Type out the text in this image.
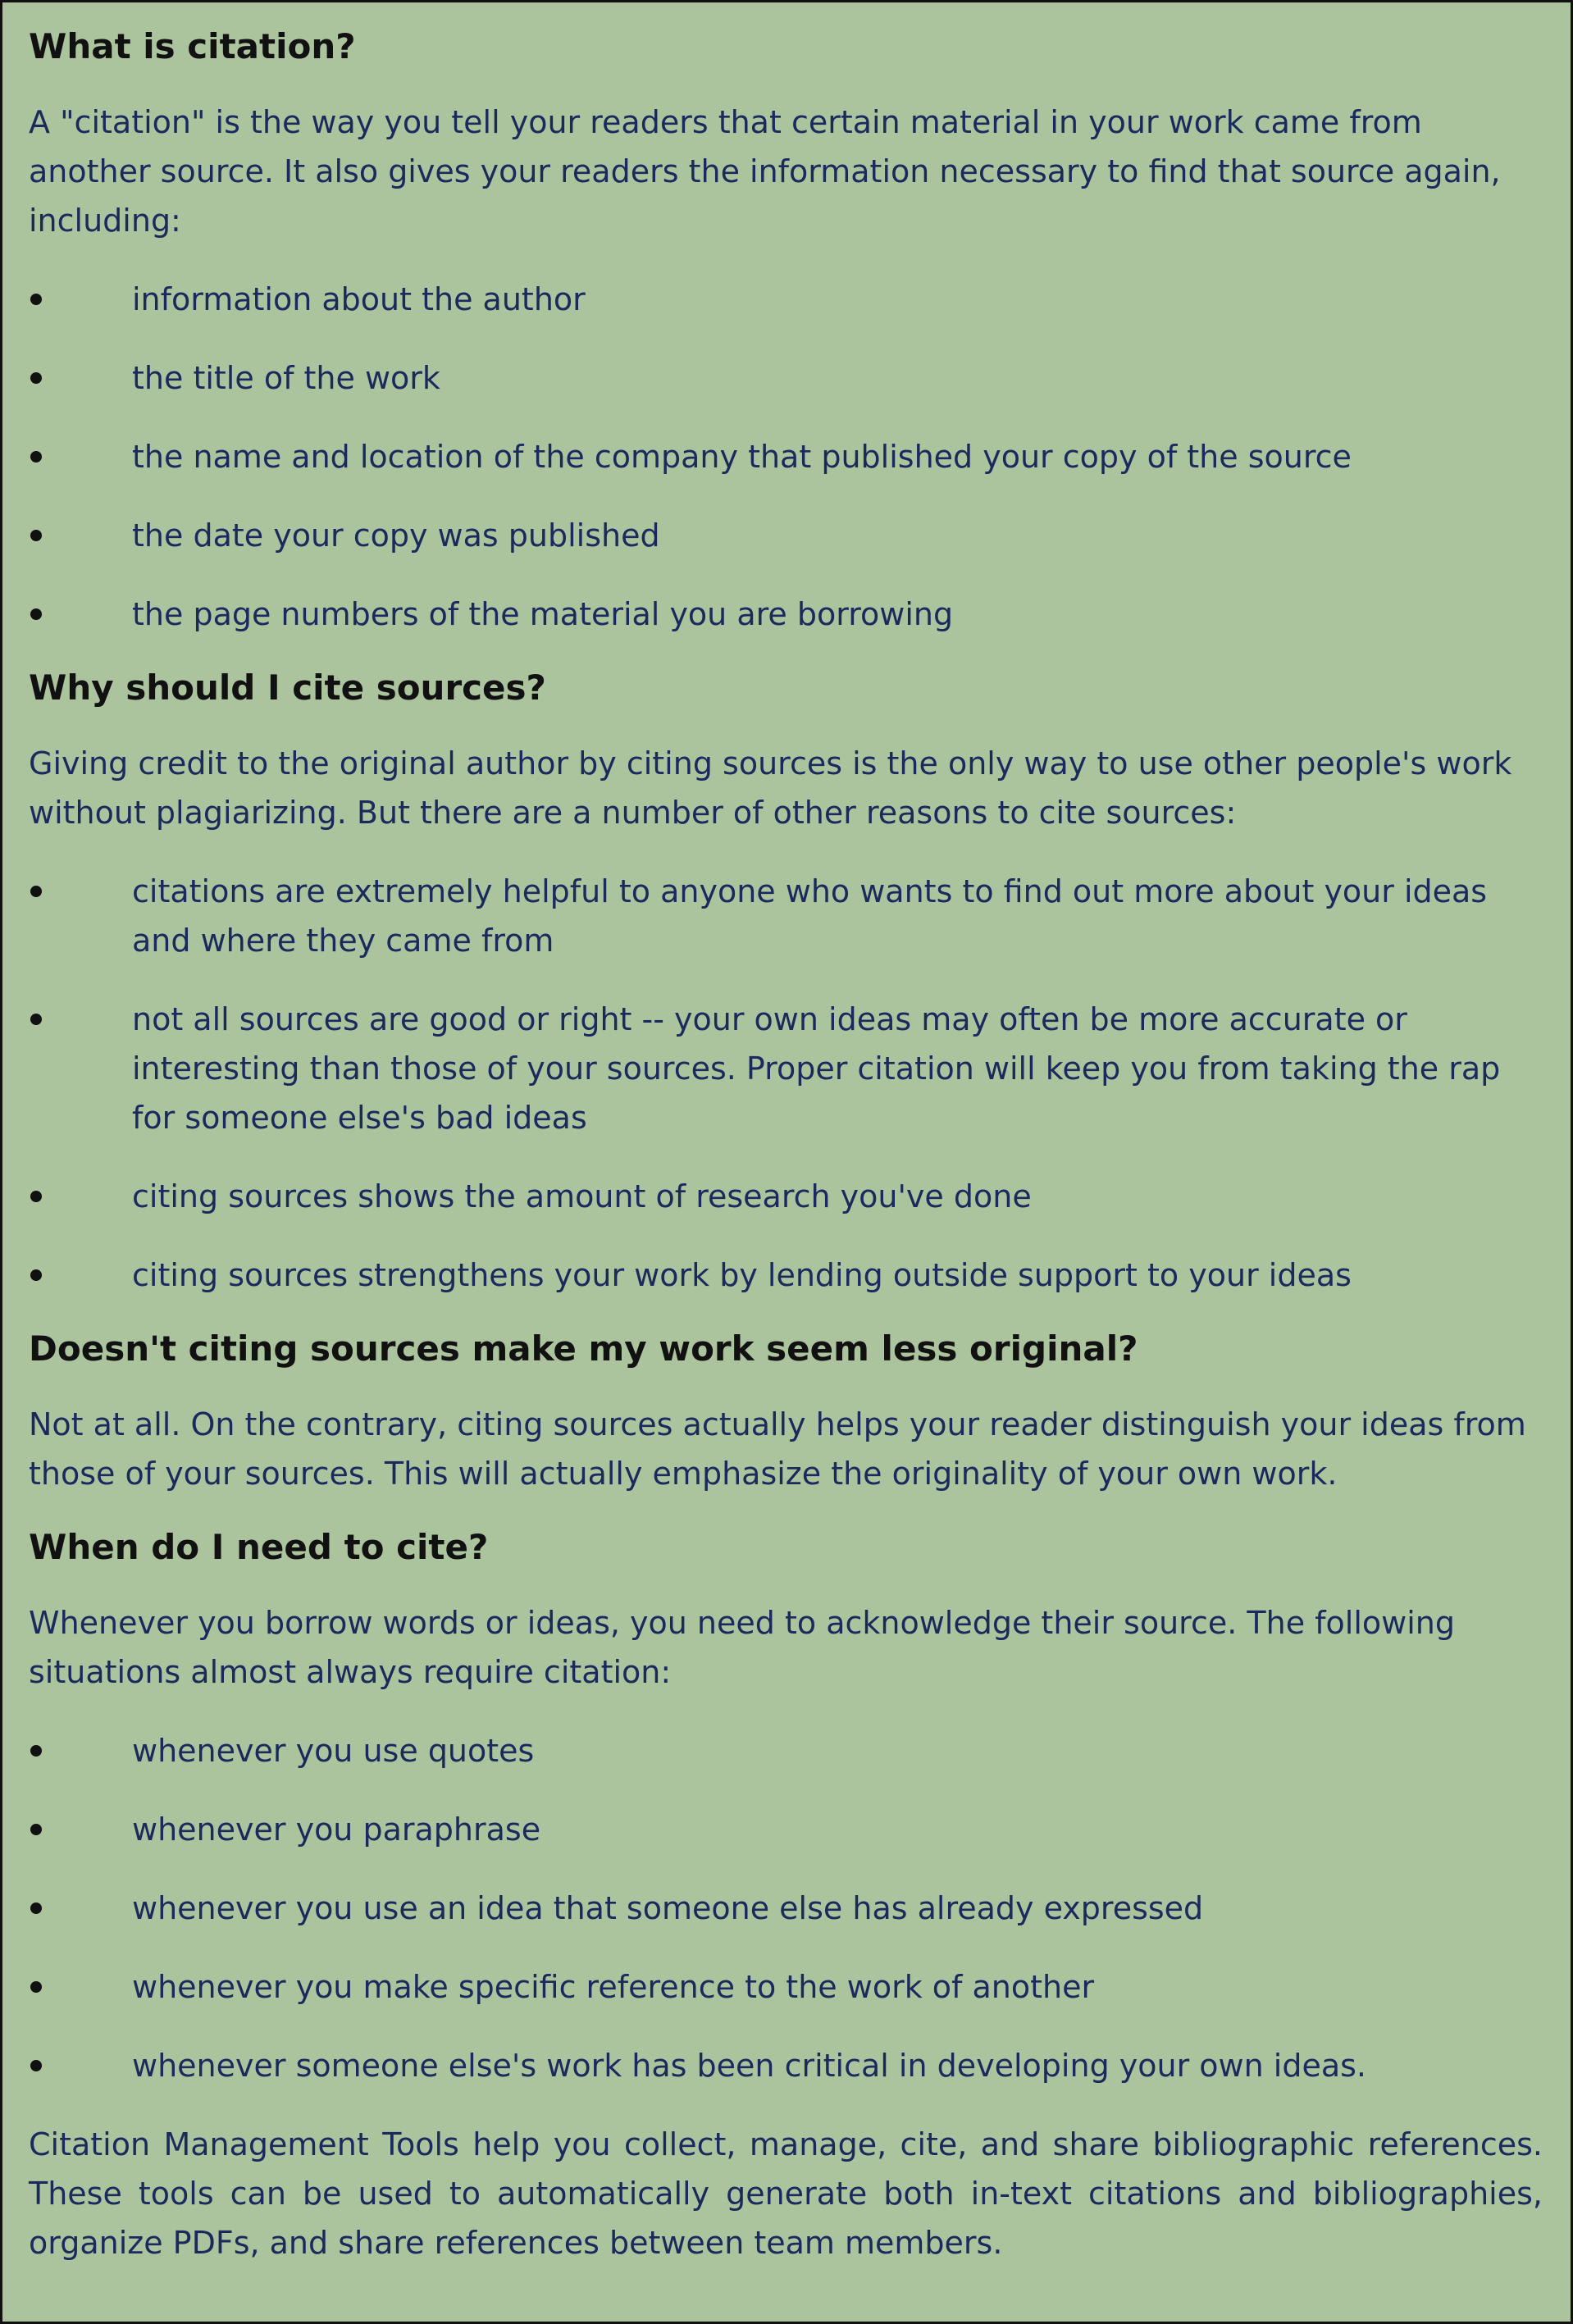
What is citation?

A "citation" is the way you tell your readers that certain material in your work came from another source. It also gives your readers the information necessary to find that source again, including:

information about the author
the title of the work
the name and location of the company that published your copy of the source
the date your copy was published
the page numbers of the material you are borrowing
Why should I cite sources?

Giving credit to the original author by citing sources is the only way to use other people's work without plagiarizing. But there are a number of other reasons to cite sources:

citations are extremely helpful to anyone who wants to find out more about your ideas and where they came from
not all sources are good or right -- your own ideas may often be more accurate or interesting than those of your sources. Proper citation will keep you from taking the rap for someone else's bad ideas
citing sources shows the amount of research you've done
citing sources strengthens your work by lending outside support to your ideas
Doesn't citing sources make my work seem less original?

Not at all. On the contrary, citing sources actually helps your reader distinguish your ideas from those of your sources. This will actually emphasize the originality of your own work.

When do I need to cite?

Whenever you borrow words or ideas, you need to acknowledge their source. The following situations almost always require citation:

whenever you use quotes
whenever you paraphrase
whenever you use an idea that someone else has already expressed
whenever you make specific reference to the work of another
whenever someone else's work has been critical in developing your own ideas.

Citation Management Tools help you collect, manage, cite, and share bibliographic references. These tools can be used to automatically generate both in-text citations and bibliographies, organize PDFs, and share references between team members.
